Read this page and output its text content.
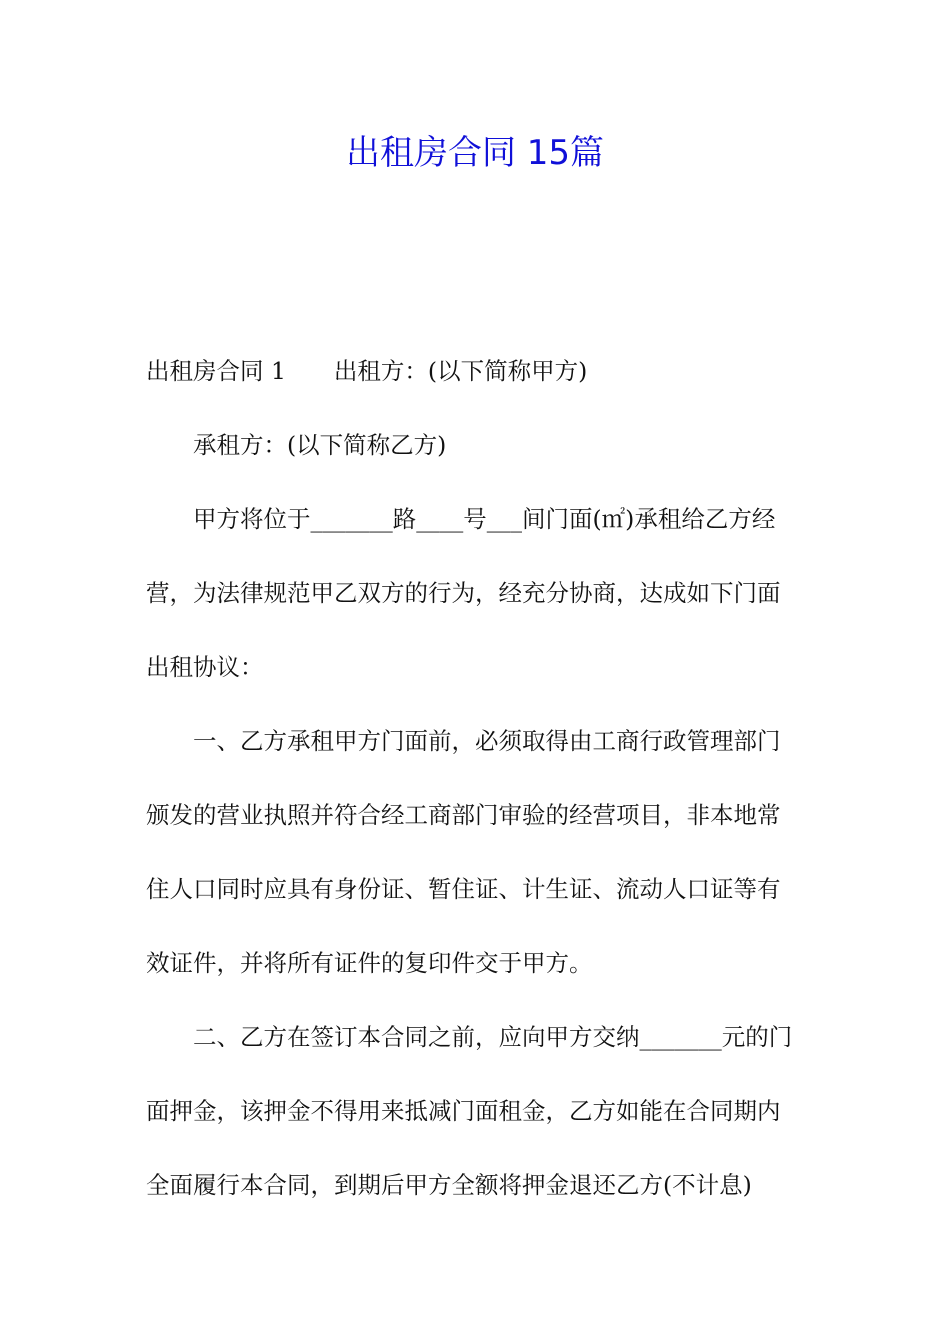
出租房合同 15篇
出租房合同 1 出租方：(以下简称甲方)
承租方：(以下简称乙方)
甲方将位于_______路____号___间门面(㎡)承租给乙方经
营，为法律规范甲乙双方的行为，经充分协商，达成如下门面
出租协议：
一、乙方承租甲方门面前，必须取得由工商行政管理部门
颁发的营业执照并符合经工商部门审验的经营项目，非本地常
住人口同时应具有身份证、暂住证、计生证、流动人口证等有
效证件，并将所有证件的复印件交于甲方。
二、乙方在签订本合同之前，应向甲方交纳_______元的门
面押金，该押金不得用来抵减门面租金，乙方如能在合同期内
全面履行本合同，到期后甲方全额将押金退还乙方(不计息)
